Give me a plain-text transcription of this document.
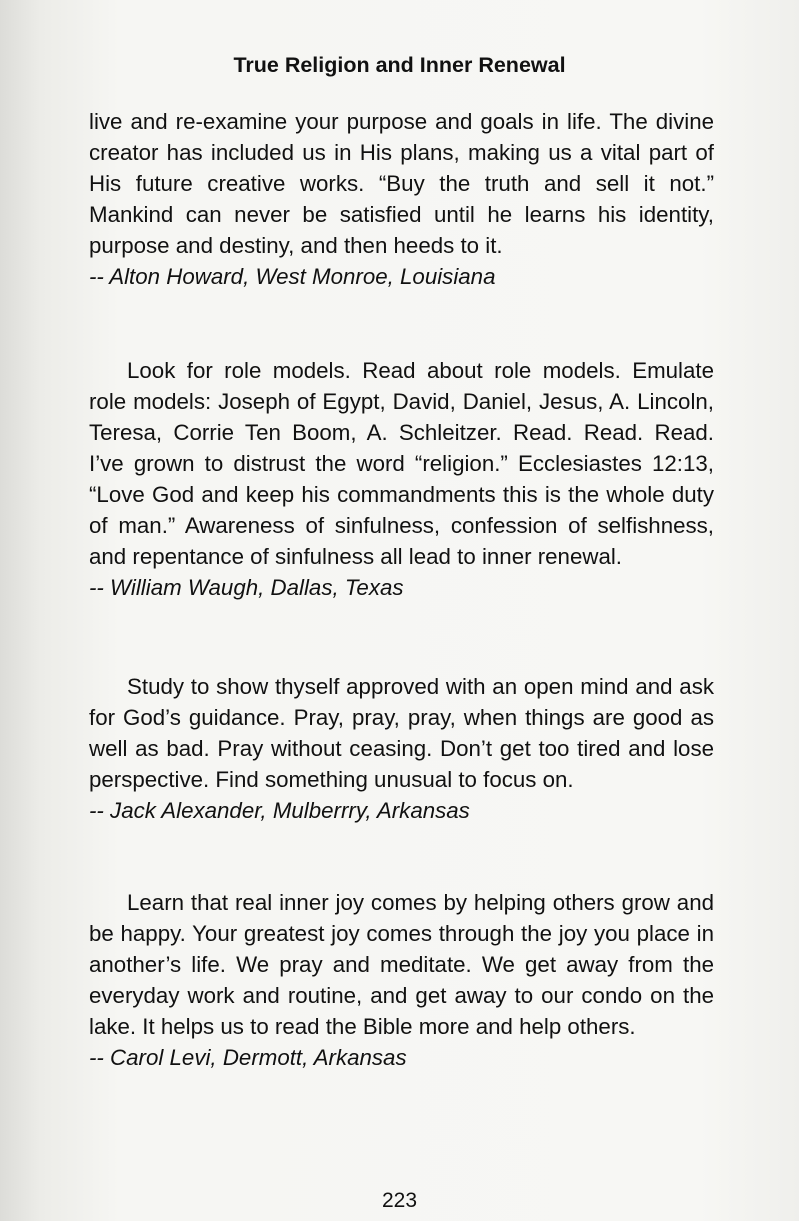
True Religion and Inner Renewal

live and re-examine your purpose and goals in life. The divine creator has included us in His plans, making us a vital part of His future creative works. “Buy the truth and sell it not.” Mankind can never be satisfied until he learns his identity, purpose and destiny, and then heeds to it.

-- Alton Howard, West Monroe, Louisiana

Look for role models. Read about role models. Emulate role models: Joseph of Egypt, David, Daniel, Jesus, A. Lincoln, Teresa, Corrie Ten Boom, A. Schleitzer. Read. Read. Read. I’ve grown to distrust the word “religion.” Ecclesiastes 12:13, “Love God and keep his commandments this is the whole duty of man.” Awareness of sinfulness, confession of selfishness, and repentance of sinfulness all lead to inner renewal.

-- William Waugh, Dallas, Texas

Study to show thyself approved with an open mind and ask for God’s guidance. Pray, pray, pray, when things are good as well as bad. Pray without ceasing. Don’t get too tired and lose perspective. Find something unusual to focus on.

-- Jack Alexander, Mulberrry, Arkansas

Learn that real inner joy comes by helping others grow and be happy. Your greatest joy comes through the joy you place in another’s life. We pray and meditate. We get away from the everyday work and routine, and get away to our condo on the lake. It helps us to read the Bible more and help others.

-- Carol Levi, Dermott, Arkansas

223
